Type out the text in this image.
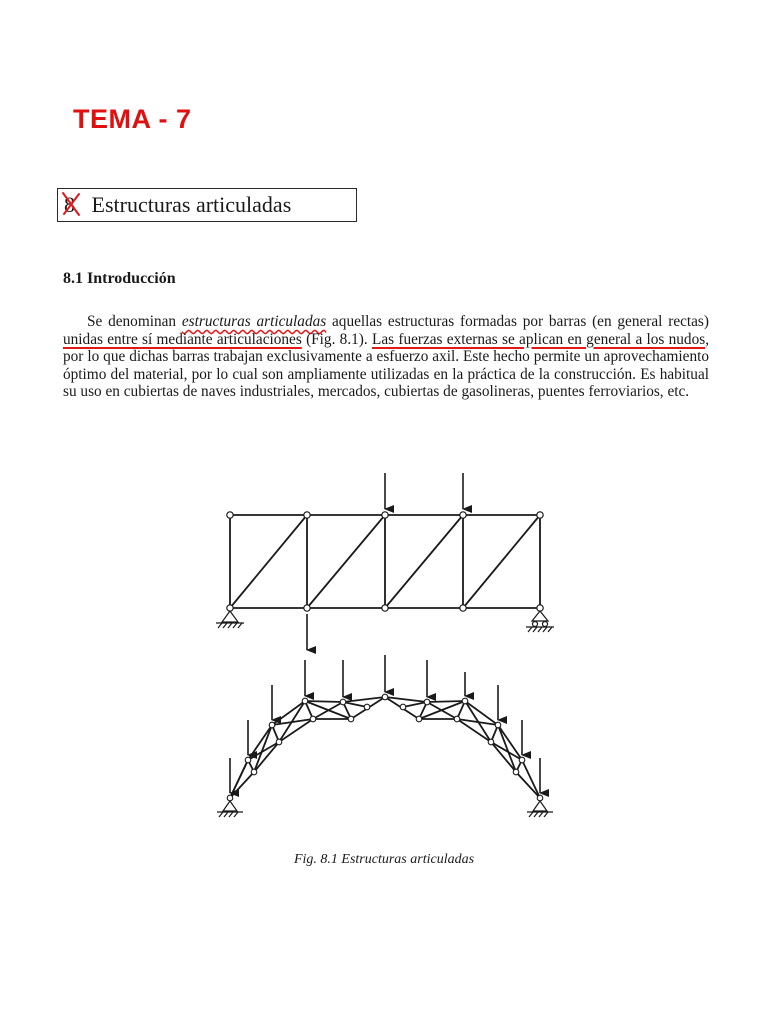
TEMA - 7
8 Estructuras articuladas
8.1 Introducción

Se denominan estructuras articuladas aquellas estructuras formadas por barras (en general rectas) unidas entre sí mediante articulaciones (Fig. 8.1). Las fuerzas externas se aplican en general a los nudos, por lo que dichas barras trabajan exclusivamente a esfuerzo axil. Este hecho permite un aprovechamiento óptimo del material, por lo cual son ampliamente utilizadas en la práctica de la construcción. Es habitual su uso en cubiertas de naves industriales, mercados, cubiertas de gasolineras, puentes ferroviarios, etc.

Fig. 8.1 Estructuras articuladas
